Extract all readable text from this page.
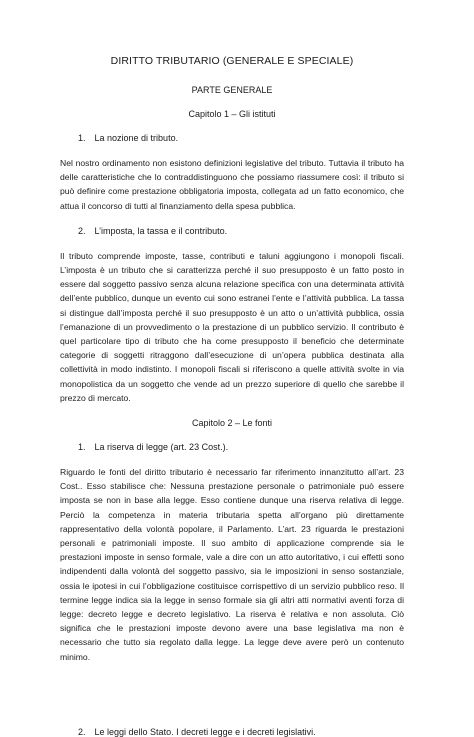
DIRITTO TRIBUTARIO (GENERALE E SPECIALE)
PARTE GENERALE
Capitolo 1 – Gli istituti
1. La nozione di tributo.

Nel nostro ordinamento non esistono definizioni legislative del tributo. Tuttavia il tributo ha delle caratteristiche che lo contraddistinguono che possiamo riassumere così: il tributo si può definire come prestazione obbligatoria imposta, collegata ad un fatto economico, che attua il concorso di tutti al finanziamento della spesa pubblica.

2. L’imposta, la tassa e il contributo.

Il tributo comprende imposte, tasse, contributi e taluni aggiungono i monopoli fiscali. L’imposta è un tributo che si caratterizza perché il suo presupposto è un fatto posto in essere dal soggetto passivo senza alcuna relazione specifica con una determinata attività dell’ente pubblico, dunque un evento cui sono estranei l’ente e l’attività pubblica. La tassa si distingue dall’imposta perché il suo presupposto è un atto o un’attività pubblica, ossia l’emanazione di un provvedimento o la prestazione di un pubblico servizio. Il contributo è quel particolare tipo di tributo che ha come presupposto il beneficio che determinate categorie di soggetti ritraggono dall’esecuzione di un’opera pubblica destinata alla collettività in modo indistinto. I monopoli fiscali si riferiscono a quelle attività svolte in via monopolistica da un soggetto che vende ad un prezzo superiore di quello che sarebbe il prezzo di mercato.

Capitolo 2 – Le fonti
1. La riserva di legge (art. 23 Cost.).

Riguardo le fonti del diritto tributario è necessario far riferimento innanzitutto all’art. 23 Cost.. Esso stabilisce che: Nessuna prestazione personale o patrimoniale può essere imposta se non in base alla legge. Esso contiene dunque una riserva relativa di legge. Perciò la competenza in materia tributaria spetta all’organo più direttamente rappresentativo della volontà popolare, il Parlamento. L’art. 23 riguarda le prestazioni personali e patrimoniali imposte. Il suo ambito di applicazione comprende sia le prestazioni imposte in senso formale, vale a dire con un atto autoritativo, i cui effetti sono indipendenti dalla volontà del soggetto passivo, sia le imposizioni in senso sostanziale, ossia le ipotesi in cui l’obbligazione costituisce corrispettivo di un servizio pubblico reso. Il termine legge indica sia la legge in senso formale sia gli altri atti normativi aventi forza di legge: decreto legge e decreto legislativo. La riserva è relativa e non assoluta. Ciò significa che le prestazioni imposte devono avere una base legislativa ma non è necessario che tutto sia regolato dalla legge. La legge deve avere però un contenuto minimo.

2. Le leggi dello Stato. I decreti legge e i decreti legislativi.
